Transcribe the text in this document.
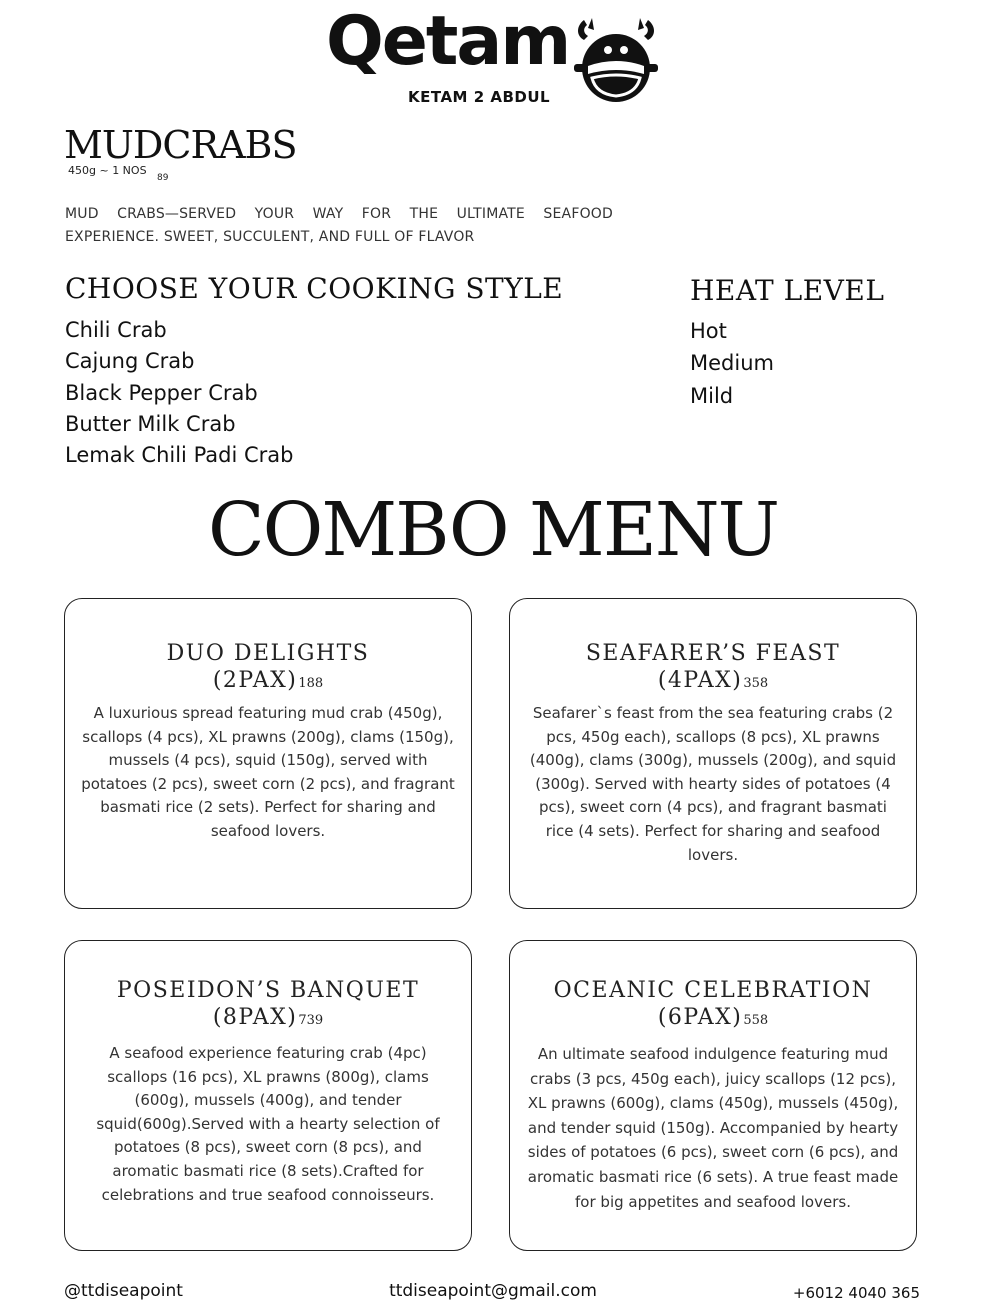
Qetam
KETAM 2 ABDUL
MUDCRABS
450g ~ 1 NOS
89
MUD CRABS—SERVED YOUR WAY FOR THE ULTIMATE SEAFOOD EXPERIENCE. SWEET, SUCCULENT, AND FULL OF FLAVOR
CHOOSE YOUR COOKING STYLE
Chili Crab
Cajung Crab
Black Pepper Crab
Butter Milk Crab
Lemak Chili Padi Crab
HEAT LEVEL
Hot
Medium
Mild
COMBO MENU
DUO DELIGHTS
(2PAX)188
A luxurious spread featuring mud crab (450g), scallops (4 pcs), XL prawns (200g), clams (150g), mussels (4 pcs), squid (150g), served with potatoes (2 pcs), sweet corn (2 pcs), and fragrant basmati rice (2 sets). Perfect for sharing and seafood lovers.
SEAFARER’S FEAST
(4PAX)358
Seafarer`s feast from the sea featuring crabs (2 pcs, 450g each), scallops (8 pcs), XL prawns (400g), clams (300g), mussels (200g), and squid (300g). Served with hearty sides of potatoes (4 pcs), sweet corn (4 pcs), and fragrant basmati rice (4 sets). Perfect for sharing and seafood lovers.
POSEIDON’S BANQUET
(8PAX)739
A seafood experience featuring crab (4pc) scallops (16 pcs), XL prawns (800g), clams (600g), mussels (400g), and tender squid(600g).Served with a hearty selection of potatoes (8 pcs), sweet corn (8 pcs), and aromatic basmati rice (8 sets).Crafted for celebrations and true seafood connoisseurs.
OCEANIC CELEBRATION
(6PAX)558
An ultimate seafood indulgence featuring mud crabs (3 pcs, 450g each), juicy scallops (12 pcs), XL prawns (600g), clams (450g), mussels (450g), and tender squid (150g). Accompanied by hearty sides of potatoes (6 pcs), sweet corn (6 pcs), and aromatic basmati rice (6 sets). A true feast made for big appetites and seafood lovers.
@ttdiseapoint	ttdiseapoint@gmail.com	+6012 4040 365
